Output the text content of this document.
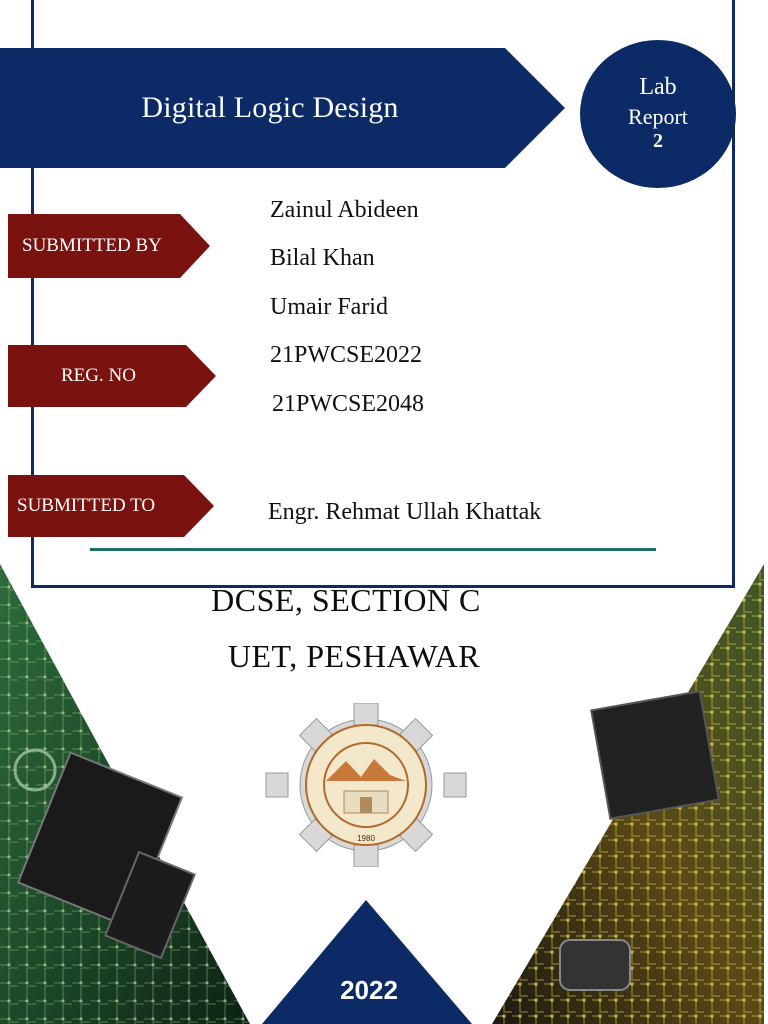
Digital Logic Design
Lab
Report
2
SUBMITTED BY
REG. NO
SUBMITTED TO
Zainul Abideen
Bilal Khan
Umair Farid
21PWCSE2022
21PWCSE2048
Engr. Rehmat Ullah Khattak
DCSE, SECTION C
UET, PESHAWAR
1980
2022
